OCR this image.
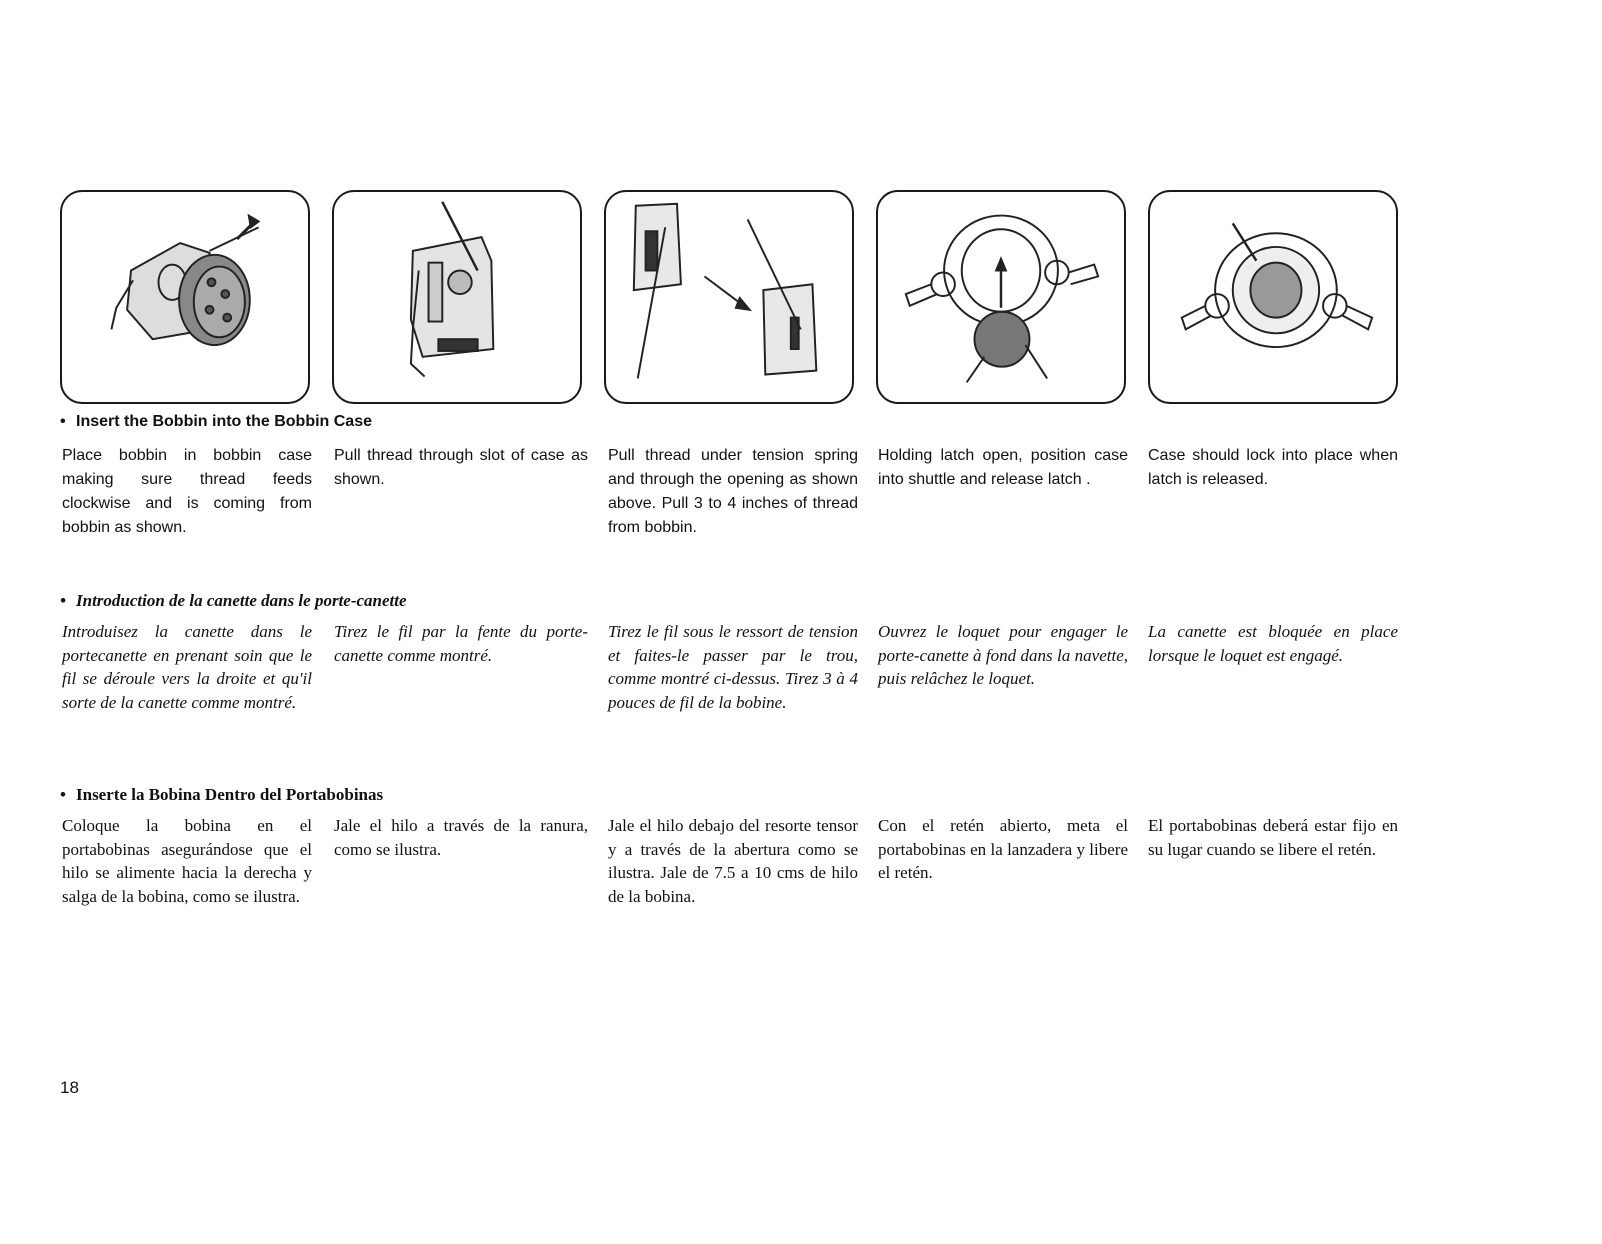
• Insert the Bobbin into the Bobbin Case

Place bobbin in bobbin case making sure thread feeds clockwise and is coming from bobbin as shown.

Pull thread through slot of case as shown.

Pull thread under tension spring and through the opening as shown above. Pull 3 to 4 inches of thread from bobbin.

Holding latch open, position case into shuttle and release latch .

Case should lock into place when latch is released.

• Introduction de la canette dans le porte-canette

Introduisez la canette dans le portecanette en prenant soin que le fil se déroule vers la droite et qu'il sorte de la canette comme montré.

Tirez le fil par la fente du porte-canette comme montré.

Tirez le fil sous le ressort de tension et faites-le passer par le trou, comme montré ci-dessus. Tirez 3 à 4 pouces de fil de la bobine.

Ouvrez le loquet pour engager le porte-canette à fond dans la navette, puis relâchez le loquet.

La canette est bloquée en place lorsque le loquet est engagé.

• Inserte la Bobina Dentro del Portabobinas

Coloque la bobina en el portabobinas asegurándose que el hilo se alimente hacia la derecha y salga de la bobina, como se ilustra.

Jale el hilo a través de la ranura, como se ilustra.

Jale el hilo debajo del resorte tensor y a través de la abertura como se ilustra. Jale de 7.5 a 10 cms de hilo de la bobina.

Con el retén abierto, meta el portabobinas en la lanzadera y libere el retén.

El portabobinas deberá estar fijo en su lugar cuando se libere el retén.

18
